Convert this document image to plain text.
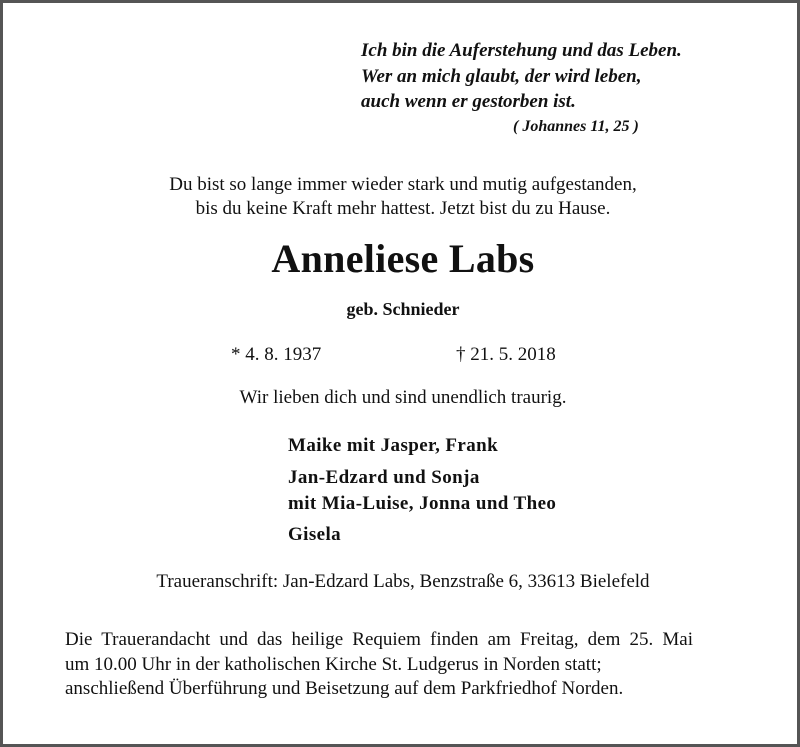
Ich bin die Auferstehung und das Leben.
Wer an mich glaubt, der wird leben,
auch wenn er gestorben ist.
( Johannes 11, 25 )
Du bist so lange immer wieder stark und mutig aufgestanden,
bis du keine Kraft mehr hattest. Jetzt bist du zu Hause.
Anneliese Labs
geb. Schnieder
* 4. 8. 1937	† 21. 5. 2018
Wir lieben dich und sind unendlich traurig.
Maike mit Jasper, Frank
Jan-Edzard und Sonja
mit Mia-Luise, Jonna und Theo
Gisela
Traueranschrift: Jan-Edzard Labs, Benzstraße 6, 33613 Bielefeld
Die Trauerandacht und das heilige Requiem finden am Freitag, dem 25. Mai
um 10.00 Uhr in der katholischen Kirche St. Ludgerus in Norden statt;
anschließend Überführung und Beisetzung auf dem Parkfriedhof Norden.
